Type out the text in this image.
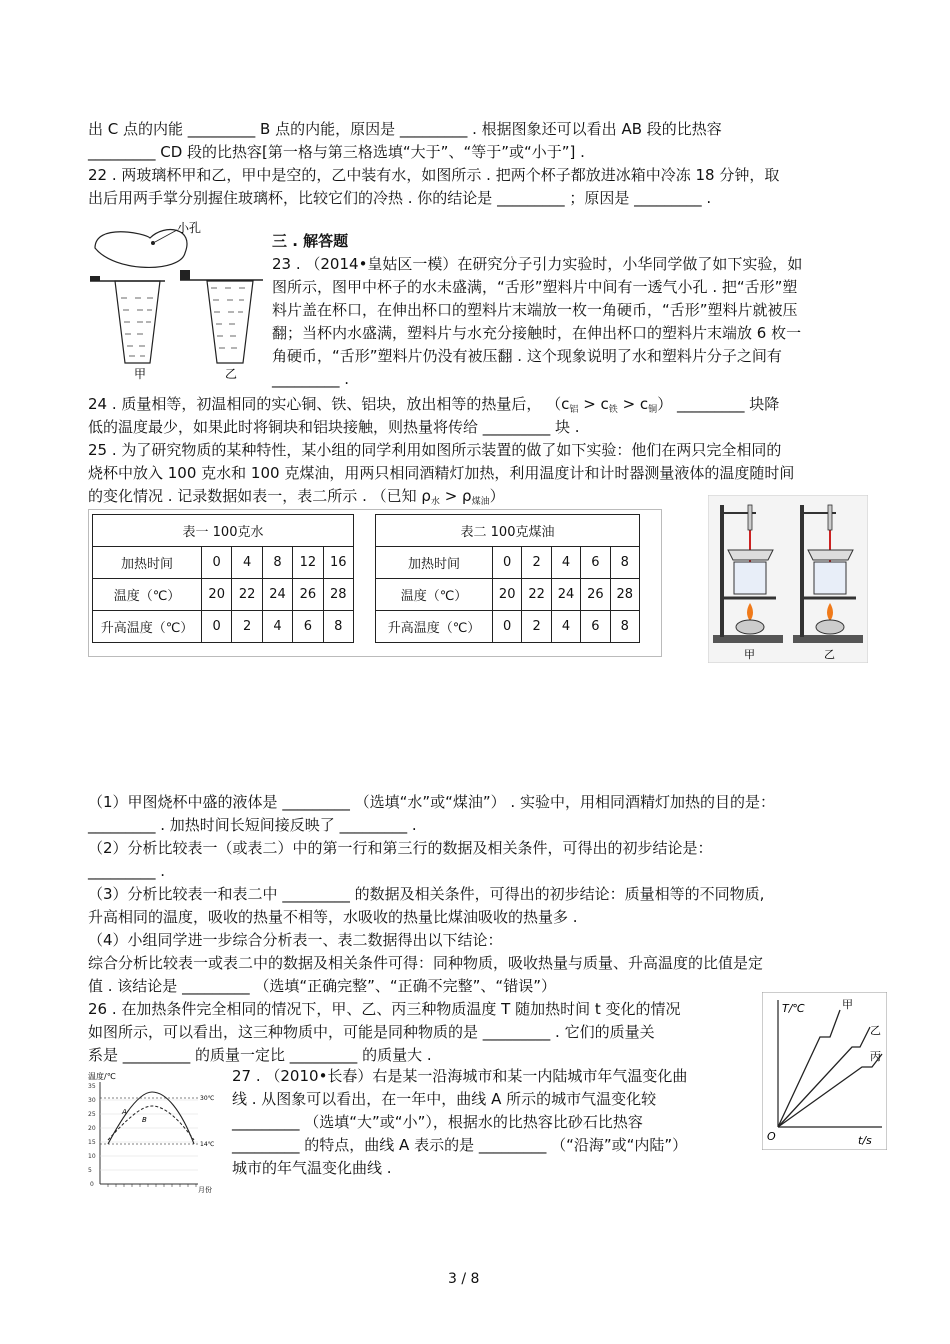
出 C 点的内能 _________ B 点的内能，原因是 _________ . 根据图象还可以看出 AB 段的比热容
_________ CD 段的比热容[第一格与第三格选填“大于”、“等于”或“小于”] .
22 . 两玻璃杯甲和乙，甲中是空的，乙中装有水，如图所示 . 把两个杯子都放进冰箱中冷冻 18 分钟，取
出后用两手掌分别握住玻璃杯，比较它们的冷热 . 你的结论是 _________ ；原因是 _________ .
小孔
甲	乙
三 . 解答题
23 . （2014•皇姑区一模）在研究分子引力实验时，小华同学做了如下实验，如
图所示，图甲中杯子的水未盛满，“舌形”塑料片中间有一透气小孔 . 把“舌形”塑
料片盖在杯口，在伸出杯口的塑料片末端放一枚一角硬币，“舌形”塑料片就被压
翻；当杯内水盛满，塑料片与水充分接触时，在伸出杯口的塑料片末端放 6 枚一
角硬币，“舌形”塑料片仍没有被压翻 . 这个现象说明了水和塑料片分子之间有
_________ .
24 . 质量相等，初温相同的实心铜、铁、铝块，放出相等的热量后， $(c_铝 > c_铁 > c_铜)$ _________ 块降
低的温度最少，如果此时将铜块和铝块接触，则热量将传给 _________ 块 .
25 . 为了研究物质的某种特性，某小组的同学利用如图所示装置的做了如下实验：他们在两只完全相同的
烧杯中放入 100 克水和 100 克煤油，用两只相同酒精灯加热，利用温度计和计时器测量液体的温度随时间
的变化情况 . 记录数据如表一，表二所示 . （已知 $\rho_水 > \rho_{煤油}$）
表一 100克水					
加热时间	0	4	8	12	16
温度（℃）	20	22	24	26	28
升高温度（℃）	0	2	4	6	8
表二 100克煤油					
加热时间	0	2	4	6	8
温度（℃）	20	22	24	26	28
升高温度（℃）	0	2	4	6	8
甲	乙
（1）甲图烧杯中盛的液体是 _________ （选填“水”或“煤油”） . 实验中，用相同酒精灯加热的目的是：
_________ . 加热时间长短间接反映了 _________ .
（2）分析比较表一（或表二）中的第一行和第三行的数据及相关条件，可得出的初步结论是：
_________ .
（3）分析比较表一和表二中 _________ 的数据及相关条件，可得出的初步结论：质量相等的不同物质,
升高相同的温度，吸收的热量不相等，水吸收的热量比煤油吸收的热量多 .
（4）小组同学进一步综合分析表一、表二数据得出以下结论：
综合分析比较表一或表二中的数据及相关条件可得：同种物质，吸收热量与质量、升高温度的比值是定
值 . 该结论是 _________ （选填“正确完整”、“正确不完整”、“错误”）
26 . 在加热条件完全相同的情况下，甲、乙、丙三种物质温度 T 随加热时间 t 变化的情况
如图所示，可以看出，这三种物质中，可能是同种物质的是 _________ . 它们的质量关
系是 _________ 的质量一定比 _________ 的质量大 .
T/℃
t/s
O
甲
乙
丙
27 . （2010•长春）右是某一沿海城市和某一内陆城市年气温变化曲
线 . 从图象可以看出，在一年中，曲线 A 所示的城市气温变化较
_________ （选填“大”或“小”），根据水的比热容比砂石比热容
_________ 的特点，曲线 A 表示的是 _________ （“沿海”或“内陆”）
城市的年气温变化曲线 .
温度/℃
35
30
25
20
15
10
5
0
30℃
14℃
A
B
月份
3 / 8
